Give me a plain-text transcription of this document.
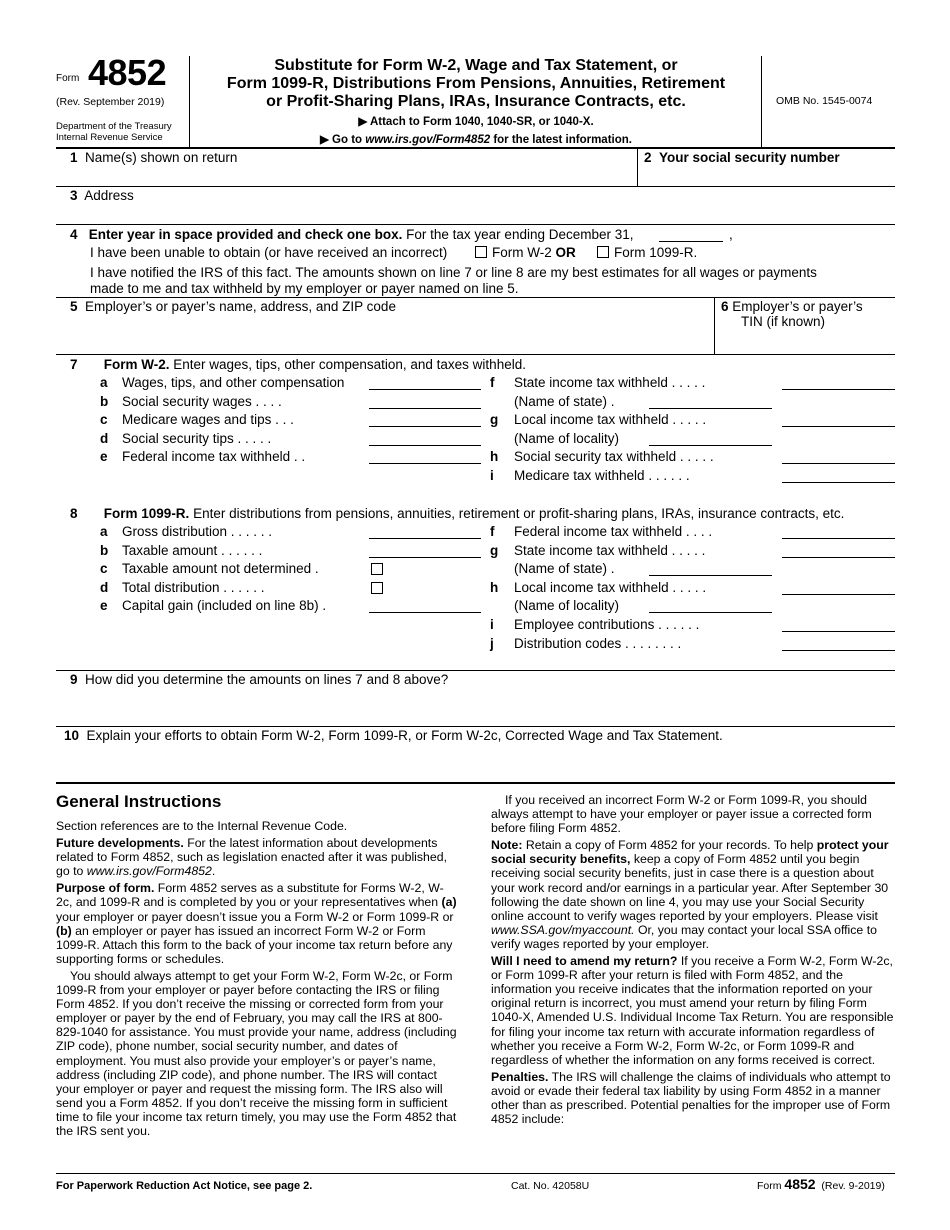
Form 4852
(Rev. September 2019)
Department of the Treasury
Internal Revenue Service
Substitute for Form W-2, Wage and Tax Statement, or
Form 1099-R, Distributions From Pensions, Annuities, Retirement
or Profit-Sharing Plans, IRAs, Insurance Contracts, etc.
▶ Attach to Form 1040, 1040-SR, or 1040-X.
▶ Go to www.irs.gov/Form4852 for the latest information.
OMB No. 1545-0074
1 Name(s) shown on return	2 Your social security number
3 Address
4 Enter year in space provided and check one box. For the tax year ending December 31,	,
I have been unable to obtain (or have received an incorrect)	Form W-2 OR	Form 1099-R.
I have notified the IRS of this fact. The amounts shown on line 7 or line 8 are my best estimates for all wages or payments
made to me and tax withheld by my employer or payer named on line 5.
5 Employer’s or payer’s name, address, and ZIP code	6 Employer’s or payer’s
TIN (if known)
7 Form W-2. Enter wages, tips, other compensation, and taxes withheld.
a Wages, tips, and other compensation
b Social security wages . . . .
c Medicare wages and tips . . .
d Social security tips . . . . .
e Federal income tax withheld . .
f State income tax withheld . . . . .
(Name of state) .
g Local income tax withheld . . . . .
(Name of locality)
h Social security tax withheld . . . . .
i Medicare tax withheld . . . . . .
8 Form 1099-R. Enter distributions from pensions, annuities, retirement or profit-sharing plans, IRAs, insurance contracts, etc.
a Gross distribution . . . . . .
b Taxable amount . . . . . .
c Taxable amount not determined .
d Total distribution . . . . . .
e Capital gain (included on line 8b) .
f Federal income tax withheld . . . .
g State income tax withheld . . . . .
(Name of state) .
h Local income tax withheld . . . . .
(Name of locality)
i Employee contributions . . . . . .
j Distribution codes . . . . . . . .
9 How did you determine the amounts on lines 7 and 8 above?
10 Explain your efforts to obtain Form W-2, Form 1099-R, or Form W-2c, Corrected Wage and Tax Statement.
General Instructions

Section references are to the Internal Revenue Code.

Future developments. For the latest information about developments related to Form 4852, such as legislation enacted after it was published, go to www.irs.gov/Form4852.

Purpose of form. Form 4852 serves as a substitute for Forms W-2, W-2c, and 1099-R and is completed by you or your representatives when (a) your employer or payer doesn’t issue you a Form W-2 or Form 1099-R or (b) an employer or payer has issued an incorrect Form W-2 or Form 1099-R. Attach this form to the back of your income tax return before any supporting forms or schedules.

You should always attempt to get your Form W-2, Form W-2c, or Form 1099-R from your employer or payer before contacting the IRS or filing Form 4852. If you don’t receive the missing or corrected form from your employer or payer by the end of February, you may call the IRS at 800-829-1040 for assistance. You must provide your name, address (including ZIP code), phone number, social security number, and dates of employment. You must also provide your employer’s or payer’s name, address (including ZIP code), and phone number. The IRS will contact your employer or payer and request the missing form. The IRS also will send you a Form 4852. If you don’t receive the missing form in sufficient time to file your income tax return timely, you may use the Form 4852 that the IRS sent you.

If you received an incorrect Form W-2 or Form 1099-R, you should always attempt to have your employer or payer issue a corrected form before filing Form 4852.

Note: Retain a copy of Form 4852 for your records. To help protect your social security benefits, keep a copy of Form 4852 until you begin receiving social security benefits, just in case there is a question about your work record and/or earnings in a particular year. After September 30 following the date shown on line 4, you may use your Social Security online account to verify wages reported by your employers. Please visit www.SSA.gov/myaccount. Or, you may contact your local SSA office to verify wages reported by your employer.

Will I need to amend my return? If you receive a Form W-2, Form W-2c, or Form 1099-R after your return is filed with Form 4852, and the information you receive indicates that the information reported on your original return is incorrect, you must amend your return by filing Form 1040-X, Amended U.S. Individual Income Tax Return. You are responsible for filing your income tax return with accurate information regardless of whether you receive a Form W-2, Form W-2c, or Form 1099-R and regardless of whether the information on any forms received is correct.

Penalties. The IRS will challenge the claims of individuals who attempt to avoid or evade their federal tax liability by using Form 4852 in a manner other than as prescribed. Potential penalties for the improper use of Form 4852 include:

For Paperwork Reduction Act Notice, see page 2.	Cat. No. 42058U	Form 4852 (Rev. 9-2019)
